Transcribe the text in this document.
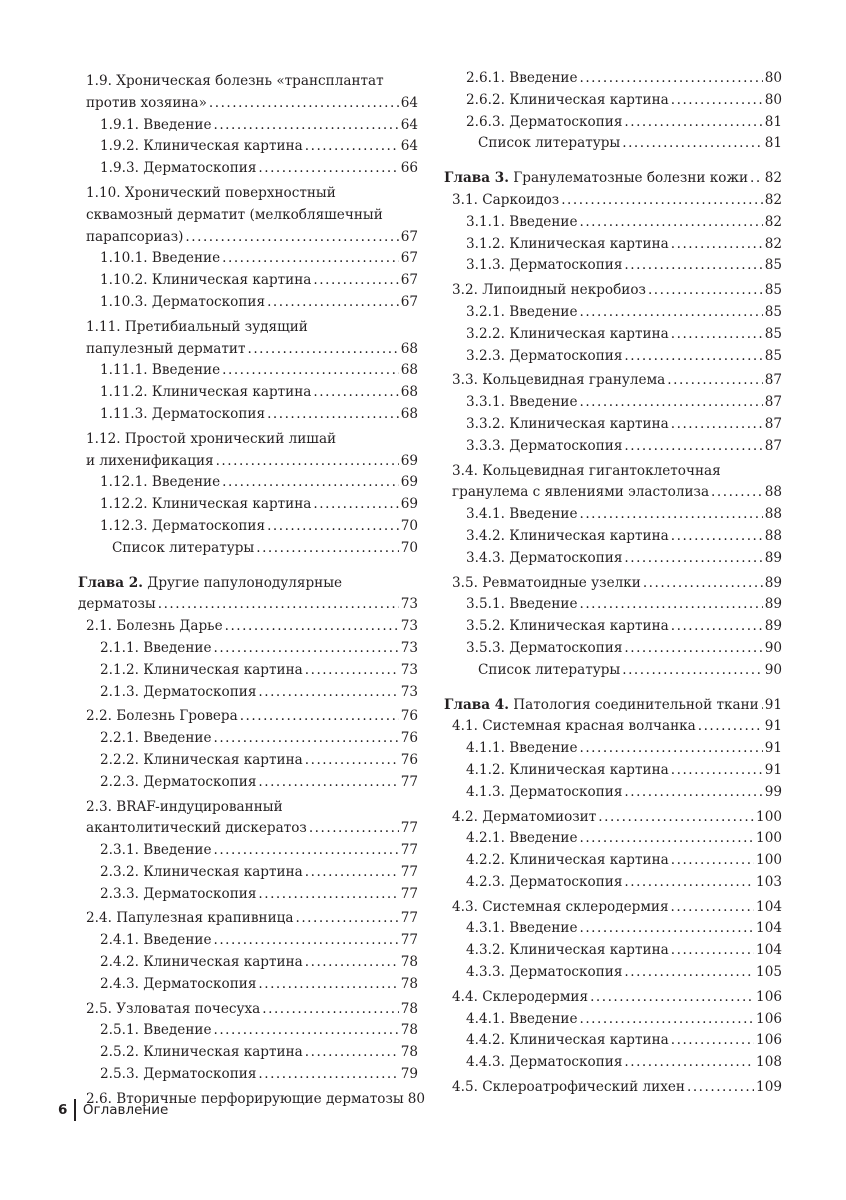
1.9. Хроническая болезнь «трансплантат
против хозяина» . . .	64
1.9.1. Введение . . .	64
1.9.2. Клиническая картина . . .	64
1.9.3. Дерматоскопия . . .	66
1.10. Хронический поверхностный
сквамозный дерматит (мелкобляшечный
парапсориаз) . . .	67
1.10.1. Введение . . .	67
1.10.2. Клиническая картина . . .	67
1.10.3. Дерматоскопия . . .	67
1.11. Претибиальный зудящий
папулезный дерматит . . .	68
1.11.1. Введение . . .	68
1.11.2. Клиническая картина . . .	68
1.11.3. Дерматоскопия . . .	68
1.12. Простой хронический лишай
и лихенификация . . .	69
1.12.1. Введение . . .	69
1.12.2. Клиническая картина . . .	69
1.12.3. Дерматоскопия . . .	70
Список литературы . . .	70
Глава 2. Другие папулонодулярные
дерматозы . . .	73
2.1. Болезнь Дарье . . .	73
2.1.1. Введение . . .	73
2.1.2. Клиническая картина . . .	73
2.1.3. Дерматоскопия . . .	73
2.2. Болезнь Гровера . . .	76
2.2.1. Введение . . .	76
2.2.2. Клиническая картина . . .	76
2.2.3. Дерматоскопия . . .	77
2.3. BRAF-индуцированный
акантолитический дискератоз . . .	77
2.3.1. Введение . . .	77
2.3.2. Клиническая картина . . .	77
2.3.3. Дерматоскопия . . .	77
2.4. Папулезная крапивница . . .	77
2.4.1. Введение . . .	77
2.4.2. Клиническая картина . . .	78
2.4.3. Дерматоскопия . . .	78
2.5. Узловатая почесуха . . .	78
2.5.1. Введение . . .	78
2.5.2. Клиническая картина . . .	78
2.5.3. Дерматоскопия . . .	79
2.6. Вторичные перфорирующие дерматозы 80
2.6.1. Введение . . .	80
2.6.2. Клиническая картина . . .	80
2.6.3. Дерматоскопия . . .	81
Список литературы . . .	81
Глава 3. Гранулематозные болезни кожи . . . 82
3.1. Саркоидоз . . .	82
3.1.1. Введение . . .	82
3.1.2. Клиническая картина . . .	82
3.1.3. Дерматоскопия . . .	85
3.2. Липоидный некробиоз . . .	85
3.2.1. Введение . . .	85
3.2.2. Клиническая картина . . .	85
3.2.3. Дерматоскопия . . .	85
3.3. Кольцевидная гранулема . . .	87
3.3.1. Введение . . .	87
3.3.2. Клиническая картина . . .	87
3.3.3. Дерматоскопия . . .	87
3.4. Кольцевидная гигантоклеточная
гранулема с явлениями эластолиза . . .	88
3.4.1. Введение . . .	88
3.4.2. Клиническая картина . . .	88
3.4.3. Дерматоскопия . . .	89
3.5. Ревматоидные узелки . . .	89
3.5.1. Введение . . .	89
3.5.2. Клиническая картина . . .	89
3.5.3. Дерматоскопия . . .	90
Список литературы . . .	90
Глава 4. Патология соединительной ткани . . . 91
4.1. Системная красная волчанка . . .	91
4.1.1. Введение . . .	91
4.1.2. Клиническая картина . . .	91
4.1.3. Дерматоскопия . . .	99
4.2. Дерматомиозит . . .	100
4.2.1. Введение . . .	100
4.2.2. Клиническая картина . . .	100
4.2.3. Дерматоскопия . . .	103
4.3. Системная склеродермия . . .	104
4.3.1. Введение . . .	104
4.3.2. Клиническая картина . . .	104
4.3.3. Дерматоскопия . . .	105
4.4. Склеродермия . . .	106
4.4.1. Введение . . .	106
4.4.2. Клиническая картина . . .	106
4.4.3. Дерматоскопия . . .	108
4.5. Склероатрофический лихен . . .	109
6	Оглавление
